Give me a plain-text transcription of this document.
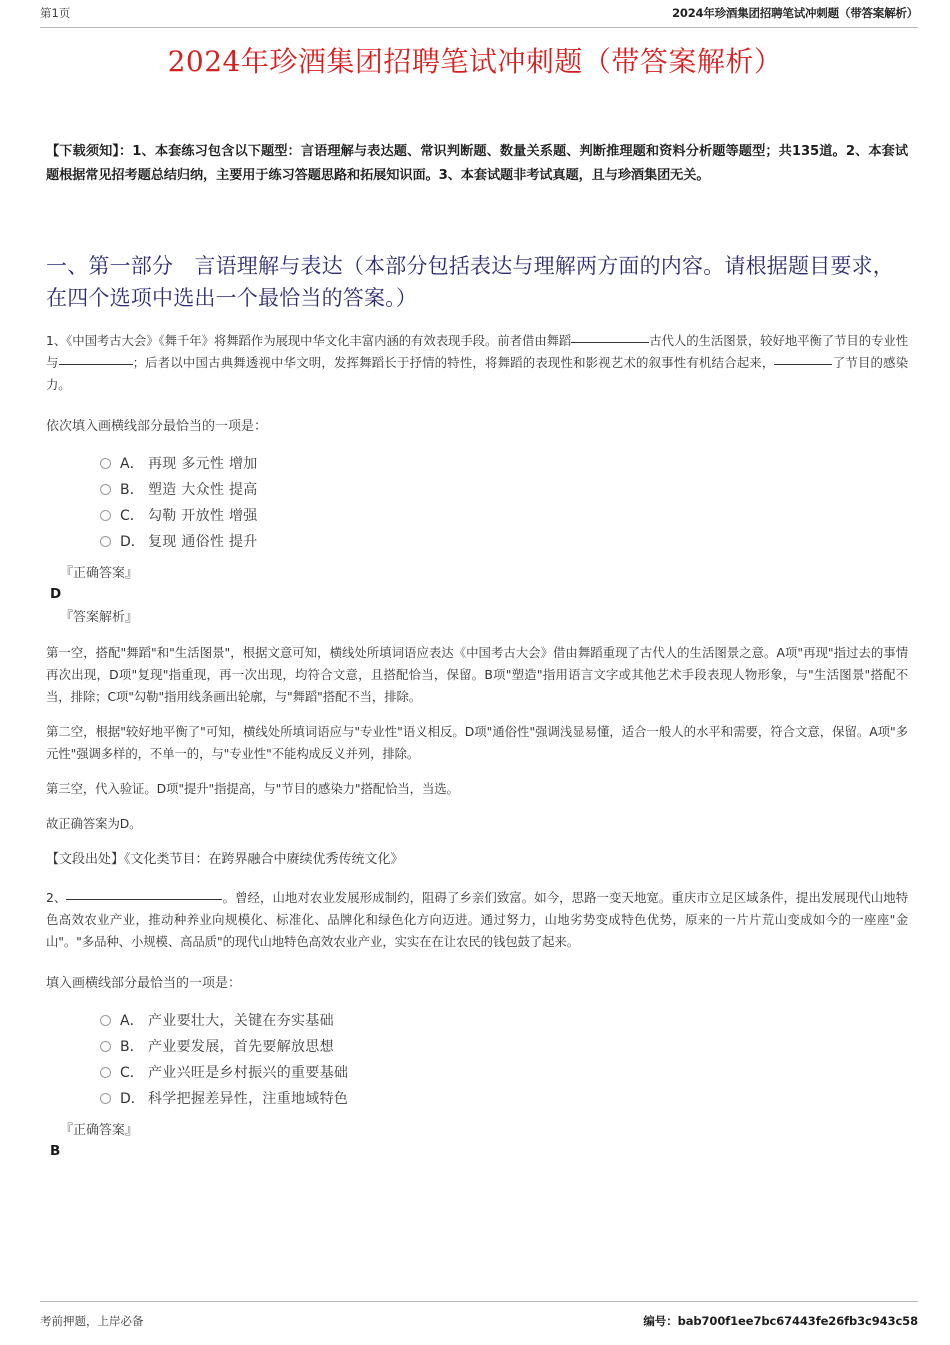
第1页	2024年珍酒集团招聘笔试冲刺题（带答案解析）
2024年珍酒集团招聘笔试冲刺题（带答案解析）
【下载须知】：1、本套练习包含以下题型：言语理解与表达题、常识判断题、数量关系题、判断推理题和资料分析题等题型；共135道。2、本套试题根据常见招考题总结归纳，主要用于练习答题思路和拓展知识面。3、本套试题非考试真题，且与珍酒集团无关。
一、第一部分　言语理解与表达（本部分包括表达与理解两方面的内容。请根据题目要求，在四个选项中选出一个最恰当的答案。）
1、《中国考古大会》《舞千年》将舞蹈作为展现中华文化丰富内涵的有效表现手段。前者借由舞蹈	古代人的生活图景，较好地平衡了节目的专业性与	；后者以中国古典舞透视中华文明，发挥舞蹈长于抒情的特性，将舞蹈的表现性和影视艺术的叙事性有机结合起来，	了节目的感染力。
依次填入画横线部分最恰当的一项是：
A． 再现 多元性 增加
B． 塑造 大众性 提高
C． 勾勒 开放性 增强
D． 复现 通俗性 提升
『正确答案』
D
『答案解析』
第一空，搭配"舞蹈"和"生活图景"，根据文意可知，横线处所填词语应表达《中国考古大会》借由舞蹈重现了古代人的生活图景之意。A项"再现"指过去的事情再次出现，D项"复现"指重现，再一次出现，均符合文意，且搭配恰当，保留。B项"塑造"指用语言文字或其他艺术手段表现人物形象，与"生活图景"搭配不当，排除；C项"勾勒"指用线条画出轮廓，与"舞蹈"搭配不当，排除。
第二空，根据"较好地平衡了"可知，横线处所填词语应与"专业性"语义相反。D项"通俗性"强调浅显易懂，适合一般人的水平和需要，符合文意，保留。A项"多元性"强调多样的，不单一的，与"专业性"不能构成反义并列，排除。
第三空，代入验证。D项"提升"指提高，与"节目的感染力"搭配恰当，当选。
故正确答案为D。
【文段出处】《文化类节目：在跨界融合中赓续优秀传统文化》
2、	。曾经，山地对农业发展形成制约，阻碍了乡亲们致富。如今，思路一变天地宽。重庆市立足区域条件，提出发展现代山地特色高效农业产业，推动种养业向规模化、标准化、品牌化和绿色化方向迈进。通过努力，山地劣势变成特色优势，原来的一片片荒山变成如今的一座座"金山"。"多品种、小规模、高品质"的现代山地特色高效农业产业，实实在在让农民的钱包鼓了起来。
填入画横线部分最恰当的一项是：
A． 产业要壮大，关键在夯实基础
B． 产业要发展，首先要解放思想
C． 产业兴旺是乡村振兴的重要基础
D． 科学把握差异性，注重地域特色
『正确答案』
B
考前押题，上岸必备	编号：bab700f1ee7bc67443fe26fb3c943c58
